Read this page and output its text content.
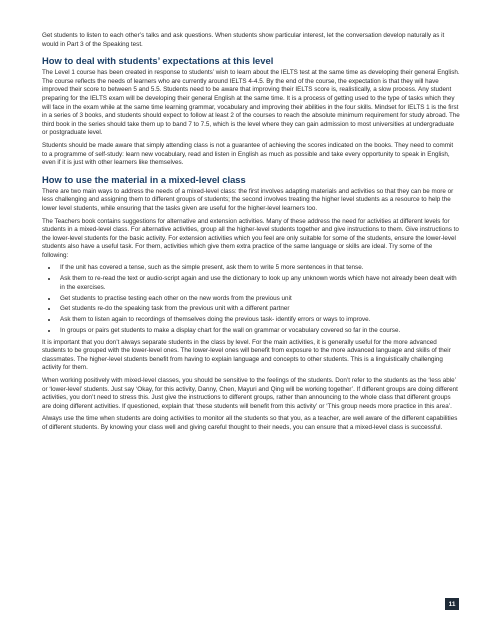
Get students to listen to each other’s talks and ask questions. When students show particular interest, let the conversation develop naturally as it would in Part 3 of the Speaking test.

How to deal with students’ expectations at this level

The Level 1 course has been created in response to students’ wish to learn about the IELTS test at the same time as developing their general English. The course reflects the needs of learners who are currently around IELTS 4-4.5. By the end of the course, the expectation is that they will have improved their score to between 5 and 5.5. Students need to be aware that improving their IELTS score is, realistically, a slow process. Any student preparing for the IELTS exam will be developing their general English at the same time. It is a process of getting used to the type of tasks which they will face in the exam while at the same time learning grammar, vocabulary and improving their abilities in the four skills. Mindset for IELTS 1 is the first in a series of 3 books, and students should expect to follow at least 2 of the courses to reach the absolute minimum requirement for study abroad. The third book in the series should take them up to band 7 to 7.5, which is the level where they can gain admission to most universities at undergraduate or postgraduate level.

Students should be made aware that simply attending class is not a guarantee of achieving the scores indicated on the books. They need to commit to a programme of self-study: learn new vocabulary, read and listen in English as much as possible and take every opportunity to speak in English, even if it is just with other learners like themselves.

How to use the material in a mixed-level class

There are two main ways to address the needs of a mixed-level class: the first involves adapting materials and activities so that they can be more or less challenging and assigning them to different groups of students; the second involves treating the higher level students as a resource to help the lower level students, while ensuring that the tasks given are useful for the higher-level learners too.

The Teachers book contains suggestions for alternative and extension activities. Many of these address the need for activities at different levels for students in a mixed-level class. For alternative activities, group all the higher-level students together and give instructions to them. Give instructions to the lower-level students for the basic activity. For extension activities which you feel are only suitable for some of the students, ensure the lower-level students also have a useful task. For them, activities which give them extra practice of the same language or skills are ideal. Try some of the following:

• If the unit has covered a tense, such as the simple present, ask them to write 5 more sentences in that tense.
• Ask them to re-read the text or audio-script again and use the dictionary to look up any unknown words which have not already been dealt with in the exercises.
• Get students to practise testing each other on the new words from the previous unit
• Get students re-do the speaking task from the previous unit with a different partner
• Ask them to listen again to recordings of themselves doing the previous task- identify errors or ways to improve.
• In groups or pairs get students to make a display chart for the wall on grammar or vocabulary covered so far in the course.

It is important that you don’t always separate students in the class by level. For the main activities, it is generally useful for the more advanced students to be grouped with the lower-level ones. The lower-level ones will benefit from exposure to the more advanced language and skills of their classmates. The higher-level students benefit from having to explain language and concepts to other students. This is a linguistically challenging activity for them.

When working positively with mixed-level classes, you should be sensitive to the feelings of the students. Don’t refer to the students as the ‘less able’ or ‘lower-level’ students. Just say ‘Okay, for this activity, Danny, Chen, Mayuri and Qing will be working together’. If different groups are doing different activities, you don’t need to stress this. Just give the instructions to different groups, rather than announcing to the whole class that different groups are doing different activities. If questioned, explain that ‘these students will benefit from this activity’ or ‘This group needs more practice in this area’.

Always use the time when students are doing activities to monitor all the students so that you, as a teacher, are well aware of the different capabilities of different students. By knowing your class well and giving careful thought to their needs, you can ensure that a mixed-level class is successful.

11
